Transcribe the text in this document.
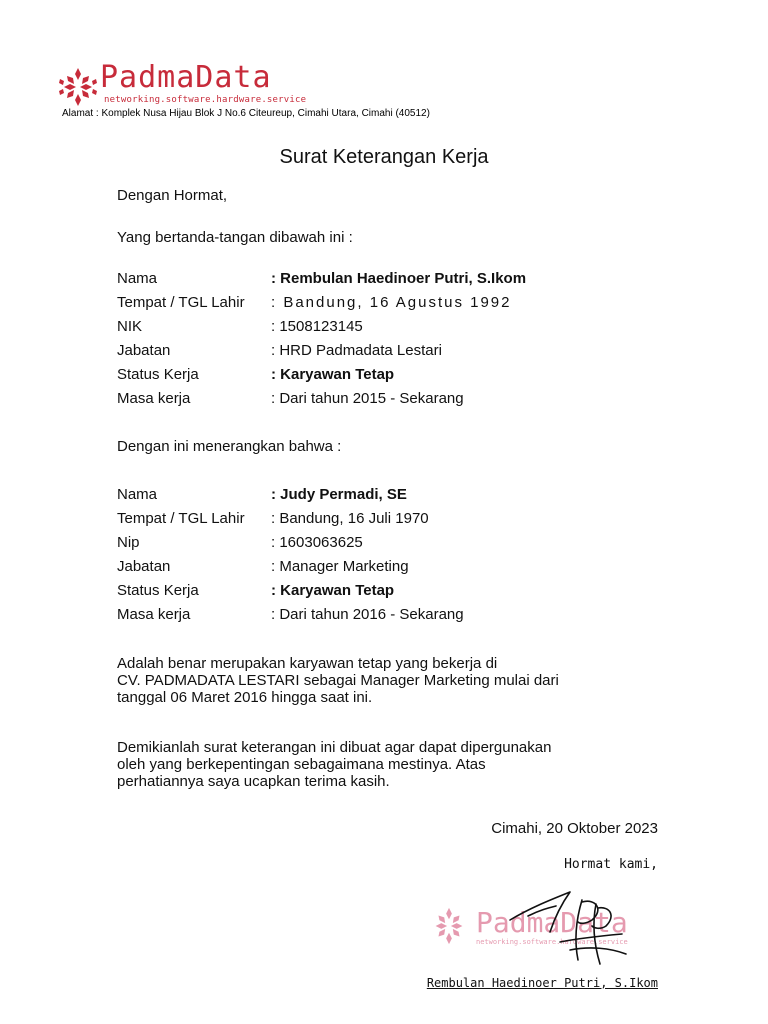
PadmaData
networking.software.hardware.service
Alamat : Komplek Nusa Hijau Blok J No.6 Citeureup, Cimahi Utara, Cimahi (40512)
Surat Keterangan Kerja
Dengan Hormat,
Yang bertanda-tangan dibawah ini :
Nama	: Rembulan Haedinoer Putri, S.Ikom
Tempat / TGL Lahir : Bandung, 16 Agustus 1992
NIK	: 1508123145
Jabatan	: HRD Padmadata Lestari
Status Kerja	: Karyawan Tetap
Masa kerja	: Dari tahun 2015 - Sekarang
Dengan ini menerangkan bahwa :
Nama	: Judy Permadi, SE
Tempat / TGL Lahir : Bandung, 16 Juli 1970
Nip	: 1603063625
Jabatan	: Manager Marketing
Status Kerja	: Karyawan Tetap
Masa kerja	: Dari tahun 2016 - Sekarang
Adalah benar merupakan karyawan tetap yang bekerja di
CV. PADMADATA LESTARI sebagai Manager Marketing mulai dari
tanggal 06 Maret 2016 hingga saat ini.
Demikianlah surat keterangan ini dibuat agar dapat dipergunakan
oleh yang berkepentingan sebagaimana mestinya. Atas
perhatiannya saya ucapkan terima kasih.
Cimahi, 20 Oktober 2023
Hormat kami,
PadmaData
networking.software.hardware.service
Rembulan Haedinoer Putri, S.Ikom
